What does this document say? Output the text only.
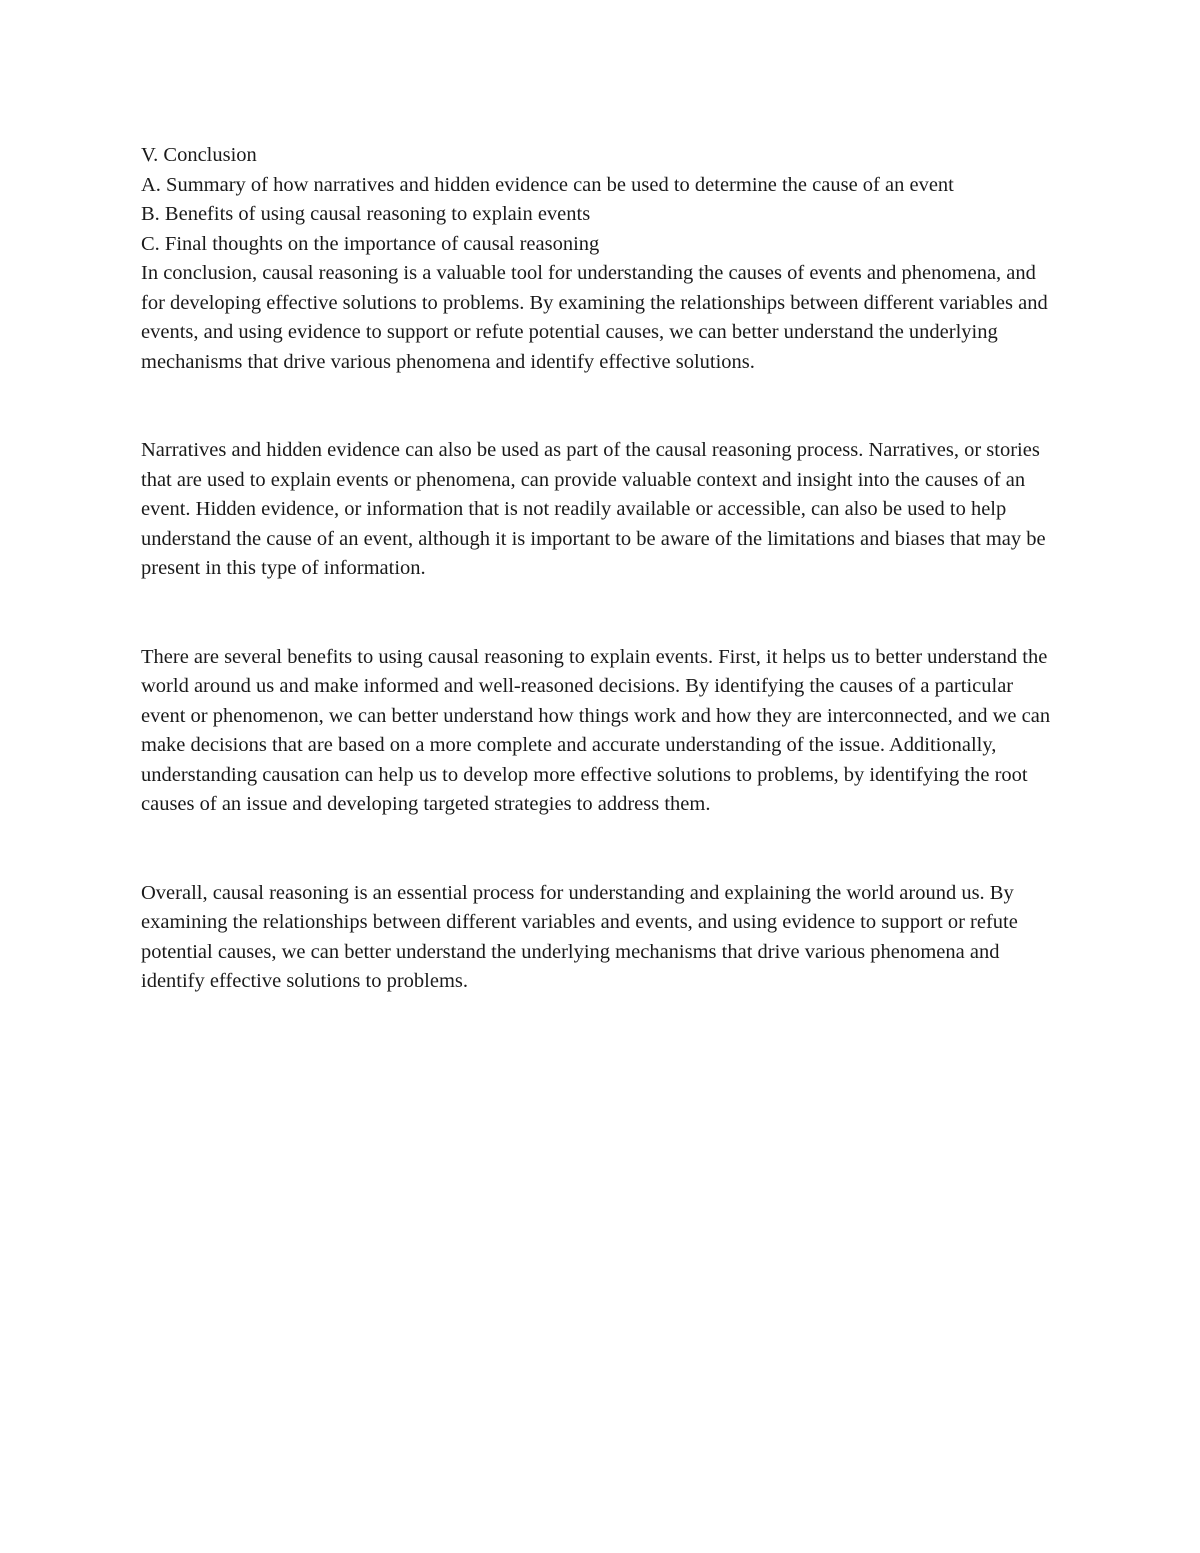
V. Conclusion

A. Summary of how narratives and hidden evidence can be used to determine the cause of an event

B. Benefits of using causal reasoning to explain events

C. Final thoughts on the importance of causal reasoning

In conclusion, causal reasoning is a valuable tool for understanding the causes of events and phenomena, and for developing effective solutions to problems. By examining the relationships between different variables and events, and using evidence to support or refute potential causes, we can better understand the underlying mechanisms that drive various phenomena and identify effective solutions.

Narratives and hidden evidence can also be used as part of the causal reasoning process. Narratives, or stories that are used to explain events or phenomena, can provide valuable context and insight into the causes of an event. Hidden evidence, or information that is not readily available or accessible, can also be used to help understand the cause of an event, although it is important to be aware of the limitations and biases that may be present in this type of information.

There are several benefits to using causal reasoning to explain events. First, it helps us to better understand the world around us and make informed and well-reasoned decisions. By identifying the causes of a particular event or phenomenon, we can better understand how things work and how they are interconnected, and we can make decisions that are based on a more complete and accurate understanding of the issue. Additionally, understanding causation can help us to develop more effective solutions to problems, by identifying the root causes of an issue and developing targeted strategies to address them.

Overall, causal reasoning is an essential process for understanding and explaining the world around us. By examining the relationships between different variables and events, and using evidence to support or refute potential causes, we can better understand the underlying mechanisms that drive various phenomena and identify effective solutions to problems.
